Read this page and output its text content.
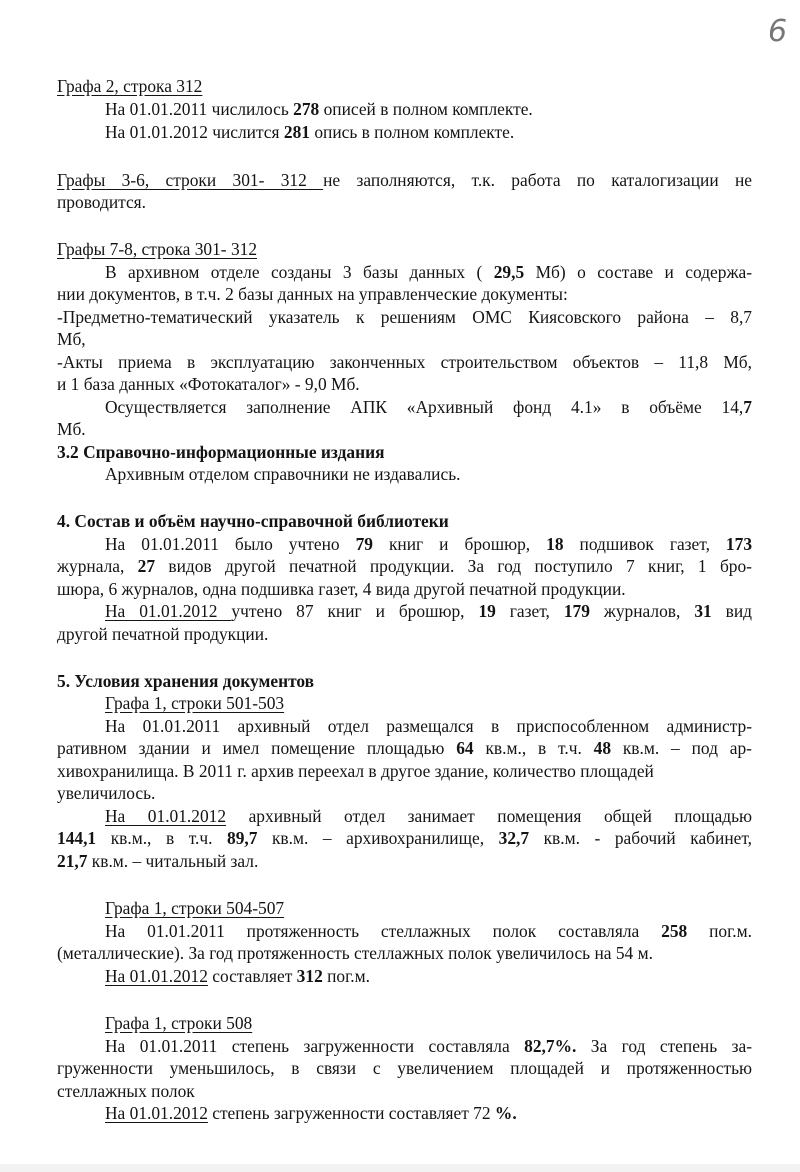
6
Графа 2, строка 312
На 01.01.2011 числилось 278 описей в полном комплекте.
На 01.01.2012 числится 281 опись в полном комплекте.
Графы 3-6, строки 301- 312 не заполняются, т.к. работа по каталогизации не
проводится.
Графы 7-8, строка 301- 312
В архивном отделе созданы 3 базы данных ( 29,5 Мб) о составе и содержа-
нии документов, в т.ч. 2 базы данных на управленческие документы:
-Предметно-тематический указатель к решениям ОМС Киясовского района – 8,7
Мб,
-Акты приема в эксплуатацию законченных строительством объектов – 11,8 Мб,
и 1 база данных «Фотокаталог» - 9,0 Мб.
Осуществляется заполнение АПК «Архивный фонд 4.1» в объёме 14,7
Мб.
3.2 Справочно-информационные издания
Архивным отделом справочники не издавались.
4. Состав и объём научно-справочной библиотеки
На 01.01.2011 было учтено 79 книг и брошюр, 18 подшивок газет, 173
журнала, 27 видов другой печатной продукции. За год поступило 7 книг, 1 бро-
шюра, 6 журналов, одна подшивка газет, 4 вида другой печатной продукции.
На 01.01.2012 учтено 87 книг и брошюр, 19 газет, 179 журналов, 31 вид
другой печатной продукции.
5. Условия хранения документов
Графа 1, строки 501-503
На 01.01.2011 архивный отдел размещался в приспособленном администр-
ративном здании и имел помещение площадью 64 кв.м., в т.ч. 48 кв.м. – под ар-
хивохранилища. В 2011 г. архив переехал в другое здание, количество площадей
увеличилось.
На 01.01.2012 архивный отдел занимает помещения общей площадью
144,1 кв.м., в т.ч. 89,7 кв.м. – архивохранилище, 32,7 кв.м. - рабочий кабинет,
21,7 кв.м. – читальный зал.
Графа 1, строки 504-507
На 01.01.2011 протяженность стеллажных полок составляла 258 пог.м.
(металлические). За год протяженность стеллажных полок увеличилось на 54 м.
На 01.01.2012 составляет 312 пог.м.
Графа 1, строки 508
На 01.01.2011 степень загруженности составляла 82,7%. За год степень за-
груженности уменьшилось, в связи с увеличением площадей и протяженностью
стеллажных полок
На 01.01.2012 степень загруженности составляет 72 %.
